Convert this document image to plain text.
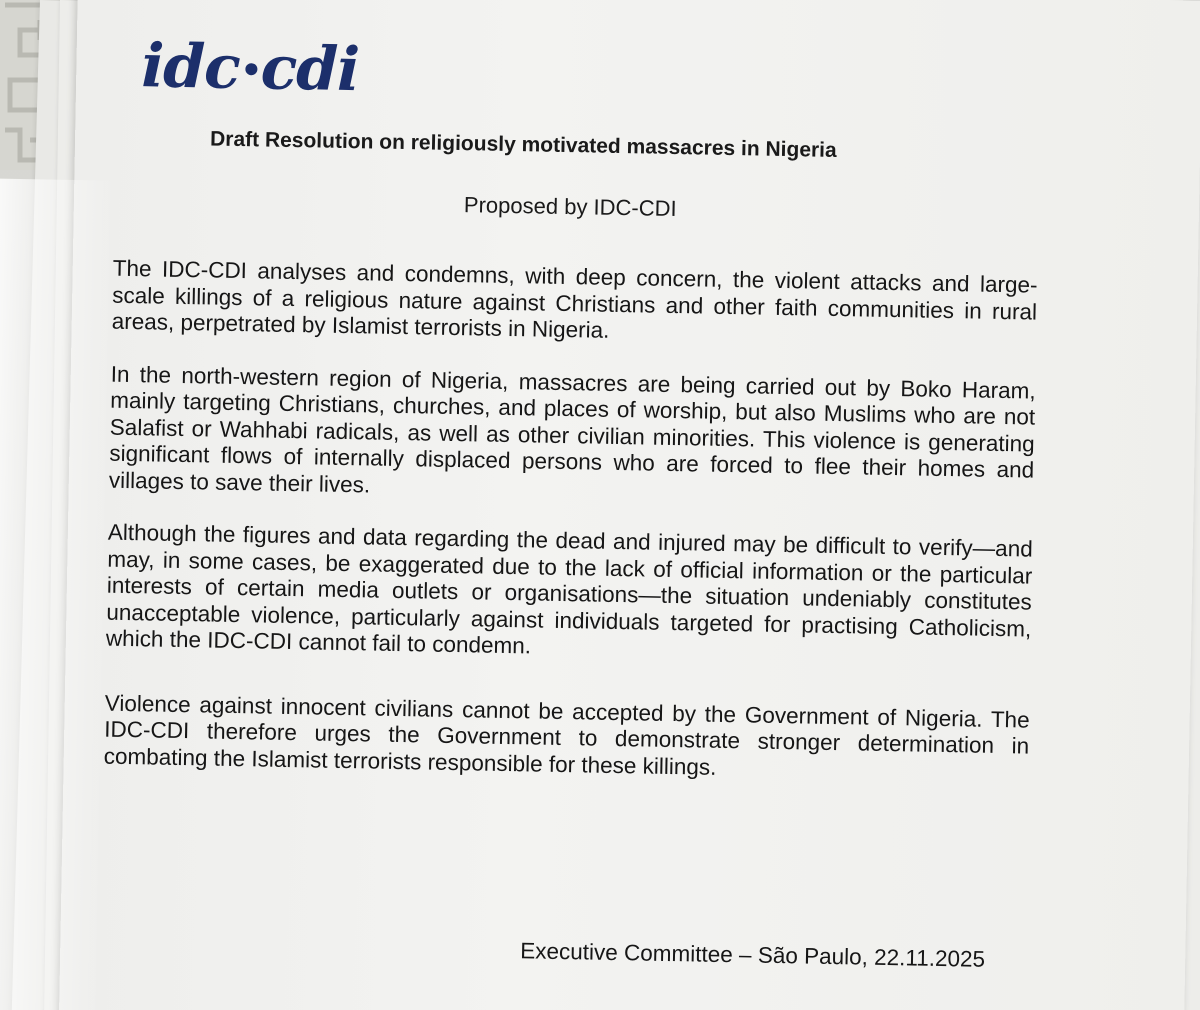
idc cdi
Draft Resolution on religiously motivated massacres in Nigeria
Proposed by IDC-CDI

The IDC-CDI analyses and condemns, with deep concern, the violent attacks and large-scale killings of a religious nature against Christians and other faith communities in rural areas, perpetrated by Islamist terrorists in Nigeria.

In the north-western region of Nigeria, massacres are being carried out by Boko Haram, mainly targeting Christians, churches, and places of worship, but also Muslims who are not Salafist or Wahhabi radicals, as well as other civilian minorities. This violence is generating significant flows of internally displaced persons who are forced to flee their homes and villages to save their lives.

Although the figures and data regarding the dead and injured may be difficult to verify—and may, in some cases, be exaggerated due to the lack of official information or the particular interests of certain media outlets or organisations—the situation undeniably constitutes unacceptable violence, particularly against individuals targeted for practising Catholicism, which the IDC-CDI cannot fail to condemn.

Violence against innocent civilians cannot be accepted by the Government of Nigeria. The IDC-CDI therefore urges the Government to demonstrate stronger determination in combating the Islamist terrorists responsible for these killings.

Executive Committee – São Paulo, 22.11.2025
